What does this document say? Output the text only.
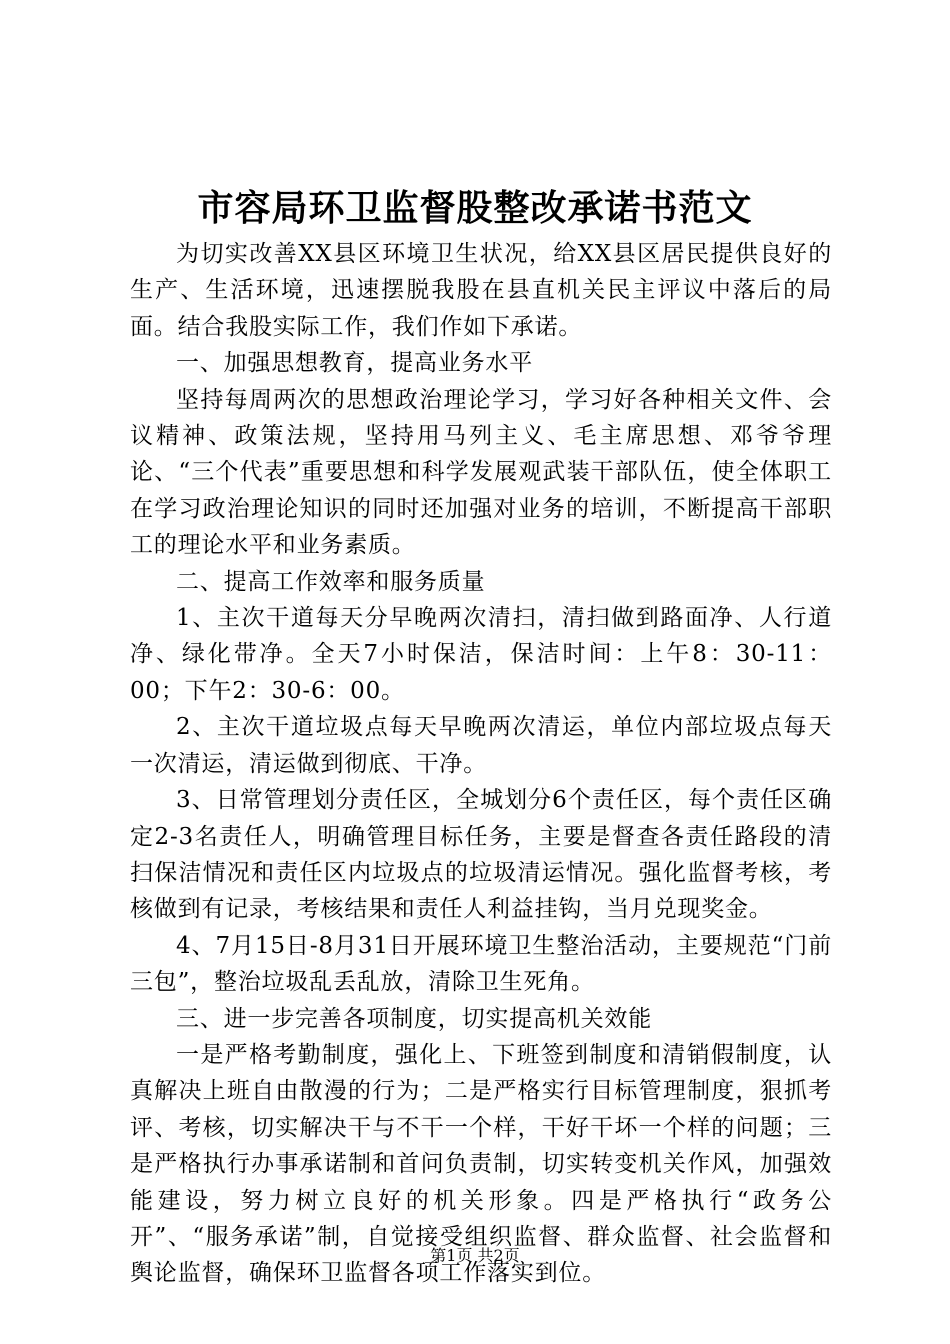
市容局环卫监督股整改承诺书范文

为切实改善XX县区环境卫生状况，给XX县区居民提供良好的生产、生活环境，迅速摆脱我股在县直机关民主评议中落后的局面。结合我股实际工作，我们作如下承诺。

一、加强思想教育，提高业务水平

坚持每周两次的思想政治理论学习，学习好各种相关文件、会议精神、政策法规，坚持用马列主义、毛主席思想、邓爷爷理论、“三个代表”重要思想和科学发展观武装干部队伍，使全体职工在学习政治理论知识的同时还加强对业务的培训，不断提高干部职工的理论水平和业务素质。

二、提高工作效率和服务质量

1、主次干道每天分早晚两次清扫，清扫做到路面净、人行道净、绿化带净。全天7小时保洁，保洁时间：上午8：30-11：00；下午2：30-6：00。

2、主次干道垃圾点每天早晚两次清运，单位内部垃圾点每天一次清运，清运做到彻底、干净。

3、日常管理划分责任区，全城划分6个责任区，每个责任区确定2-3名责任人，明确管理目标任务，主要是督查各责任路段的清扫保洁情况和责任区内垃圾点的垃圾清运情况。强化监督考核，考核做到有记录，考核结果和责任人利益挂钩，当月兑现奖金。

4、7月15日-8月31日开展环境卫生整治活动，主要规范“门前三包”，整治垃圾乱丢乱放，清除卫生死角。

三、进一步完善各项制度，切实提高机关效能

一是严格考勤制度，强化上、下班签到制度和清销假制度，认真解决上班自由散漫的行为；二是严格实行目标管理制度，狠抓考评、考核，切实解决干与不干一个样，干好干坏一个样的问题；三是严格执行办事承诺制和首问负责制，切实转变机关作风，加强效能建设，努力树立良好的机关形象。四是严格执行“政务公开”、“服务承诺”制，自觉接受组织监督、群众监督、社会监督和舆论监督，确保环卫监督各项工作落实到位。

第1页 共2页
